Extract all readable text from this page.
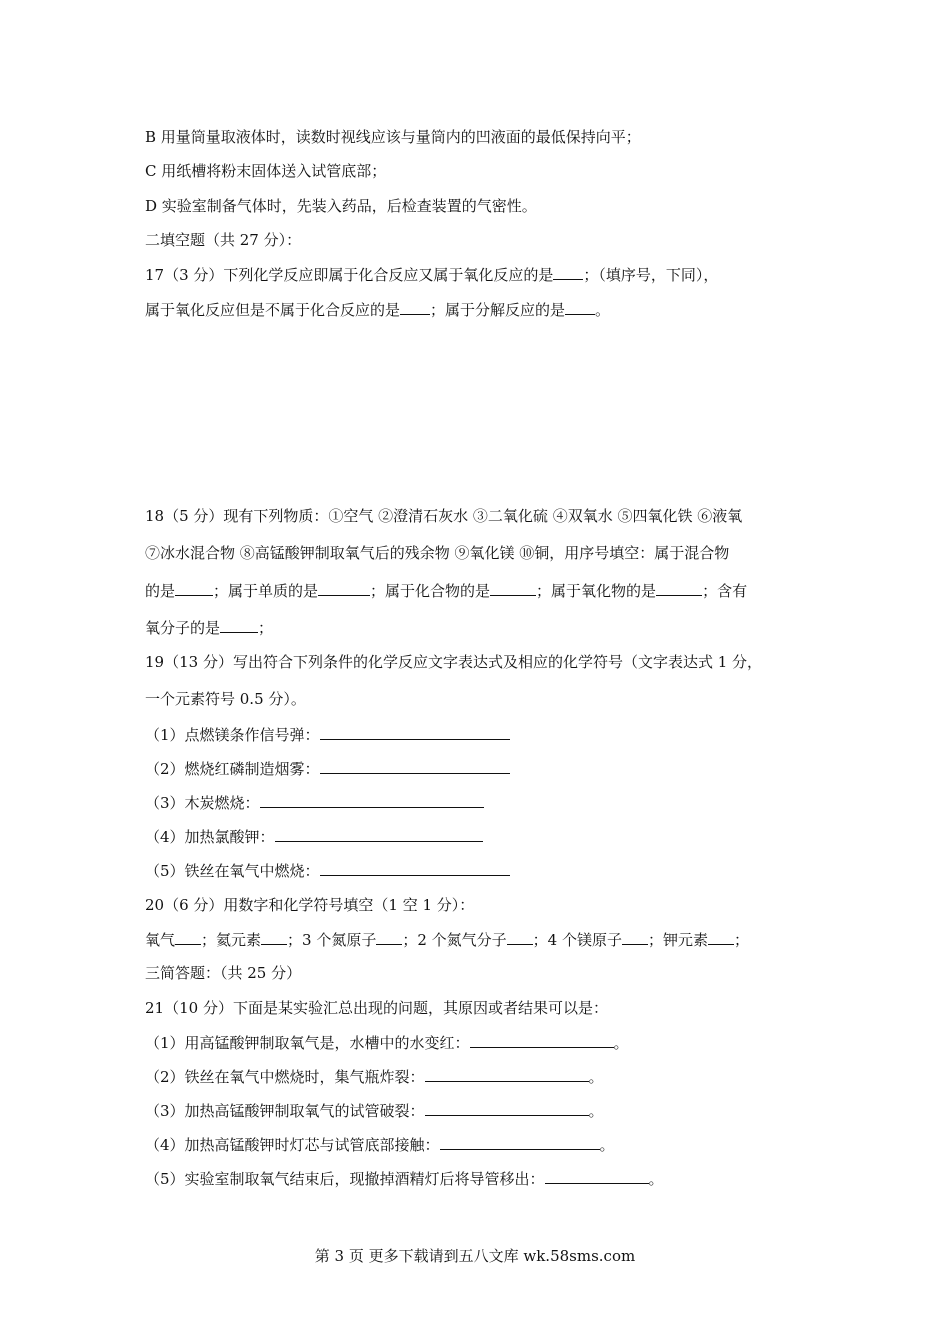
B 用量筒量取液体时，读数时视线应该与量筒内的凹液面的最低保持向平；
C 用纸槽将粉末固体送入试管底部；
D 实验室制备气体时，先装入药品，后检查装置的气密性。
二填空题（共 27 分）：
17（3 分）下列化学反应即属于化合反应又属于氧化反应的是 ；（填序号，下同），
属于氧化反应但是不属于化合反应的是 ；属于分解反应的是 。
18（5 分）现有下列物质：①空气 ②澄清石灰水 ③二氧化硫 ④双氧水 ⑤四氧化铁 ⑥液氧
⑦冰水混合物 ⑧高锰酸钾制取氧气后的残余物 ⑨氧化镁 ⑩铜，用序号填空：属于混合物
的是	；属于单质的是	；属于化合物的是	；属于氧化物的是	；含有
氧分子的是	；
19（13 分）写出符合下列条件的化学反应文字表达式及相应的化学符号（文字表达式 1 分，
一个元素符号 0.5 分）。
（1）点燃镁条作信号弹：
（2）燃烧红磷制造烟雾：
（3）木炭燃烧：
（4）加热氯酸钾：
（5）铁丝在氧气中燃烧：
20（6 分）用数字和化学符号填空（1 空 1 分）：
氧气 ；氦元素 ；3 个氮原子 ；2 个氮气分子 ；4 个镁原子 ；钾元素 ；
三简答题：（共 25 分）
21（10 分）下面是某实验汇总出现的问题，其原因或者结果可以是：
（1）用高锰酸钾制取氧气是，水槽中的水变红：	。
（2）铁丝在氧气中燃烧时，集气瓶炸裂：	。
（3）加热高锰酸钾制取氧气的试管破裂：	。
（4）加热高锰酸钾时灯芯与试管底部接触：	。
（5）实验室制取氧气结束后，现撤掉酒精灯后将导管移出：	。
第 3 页 更多下载请到五八文库 wk.58sms.com
